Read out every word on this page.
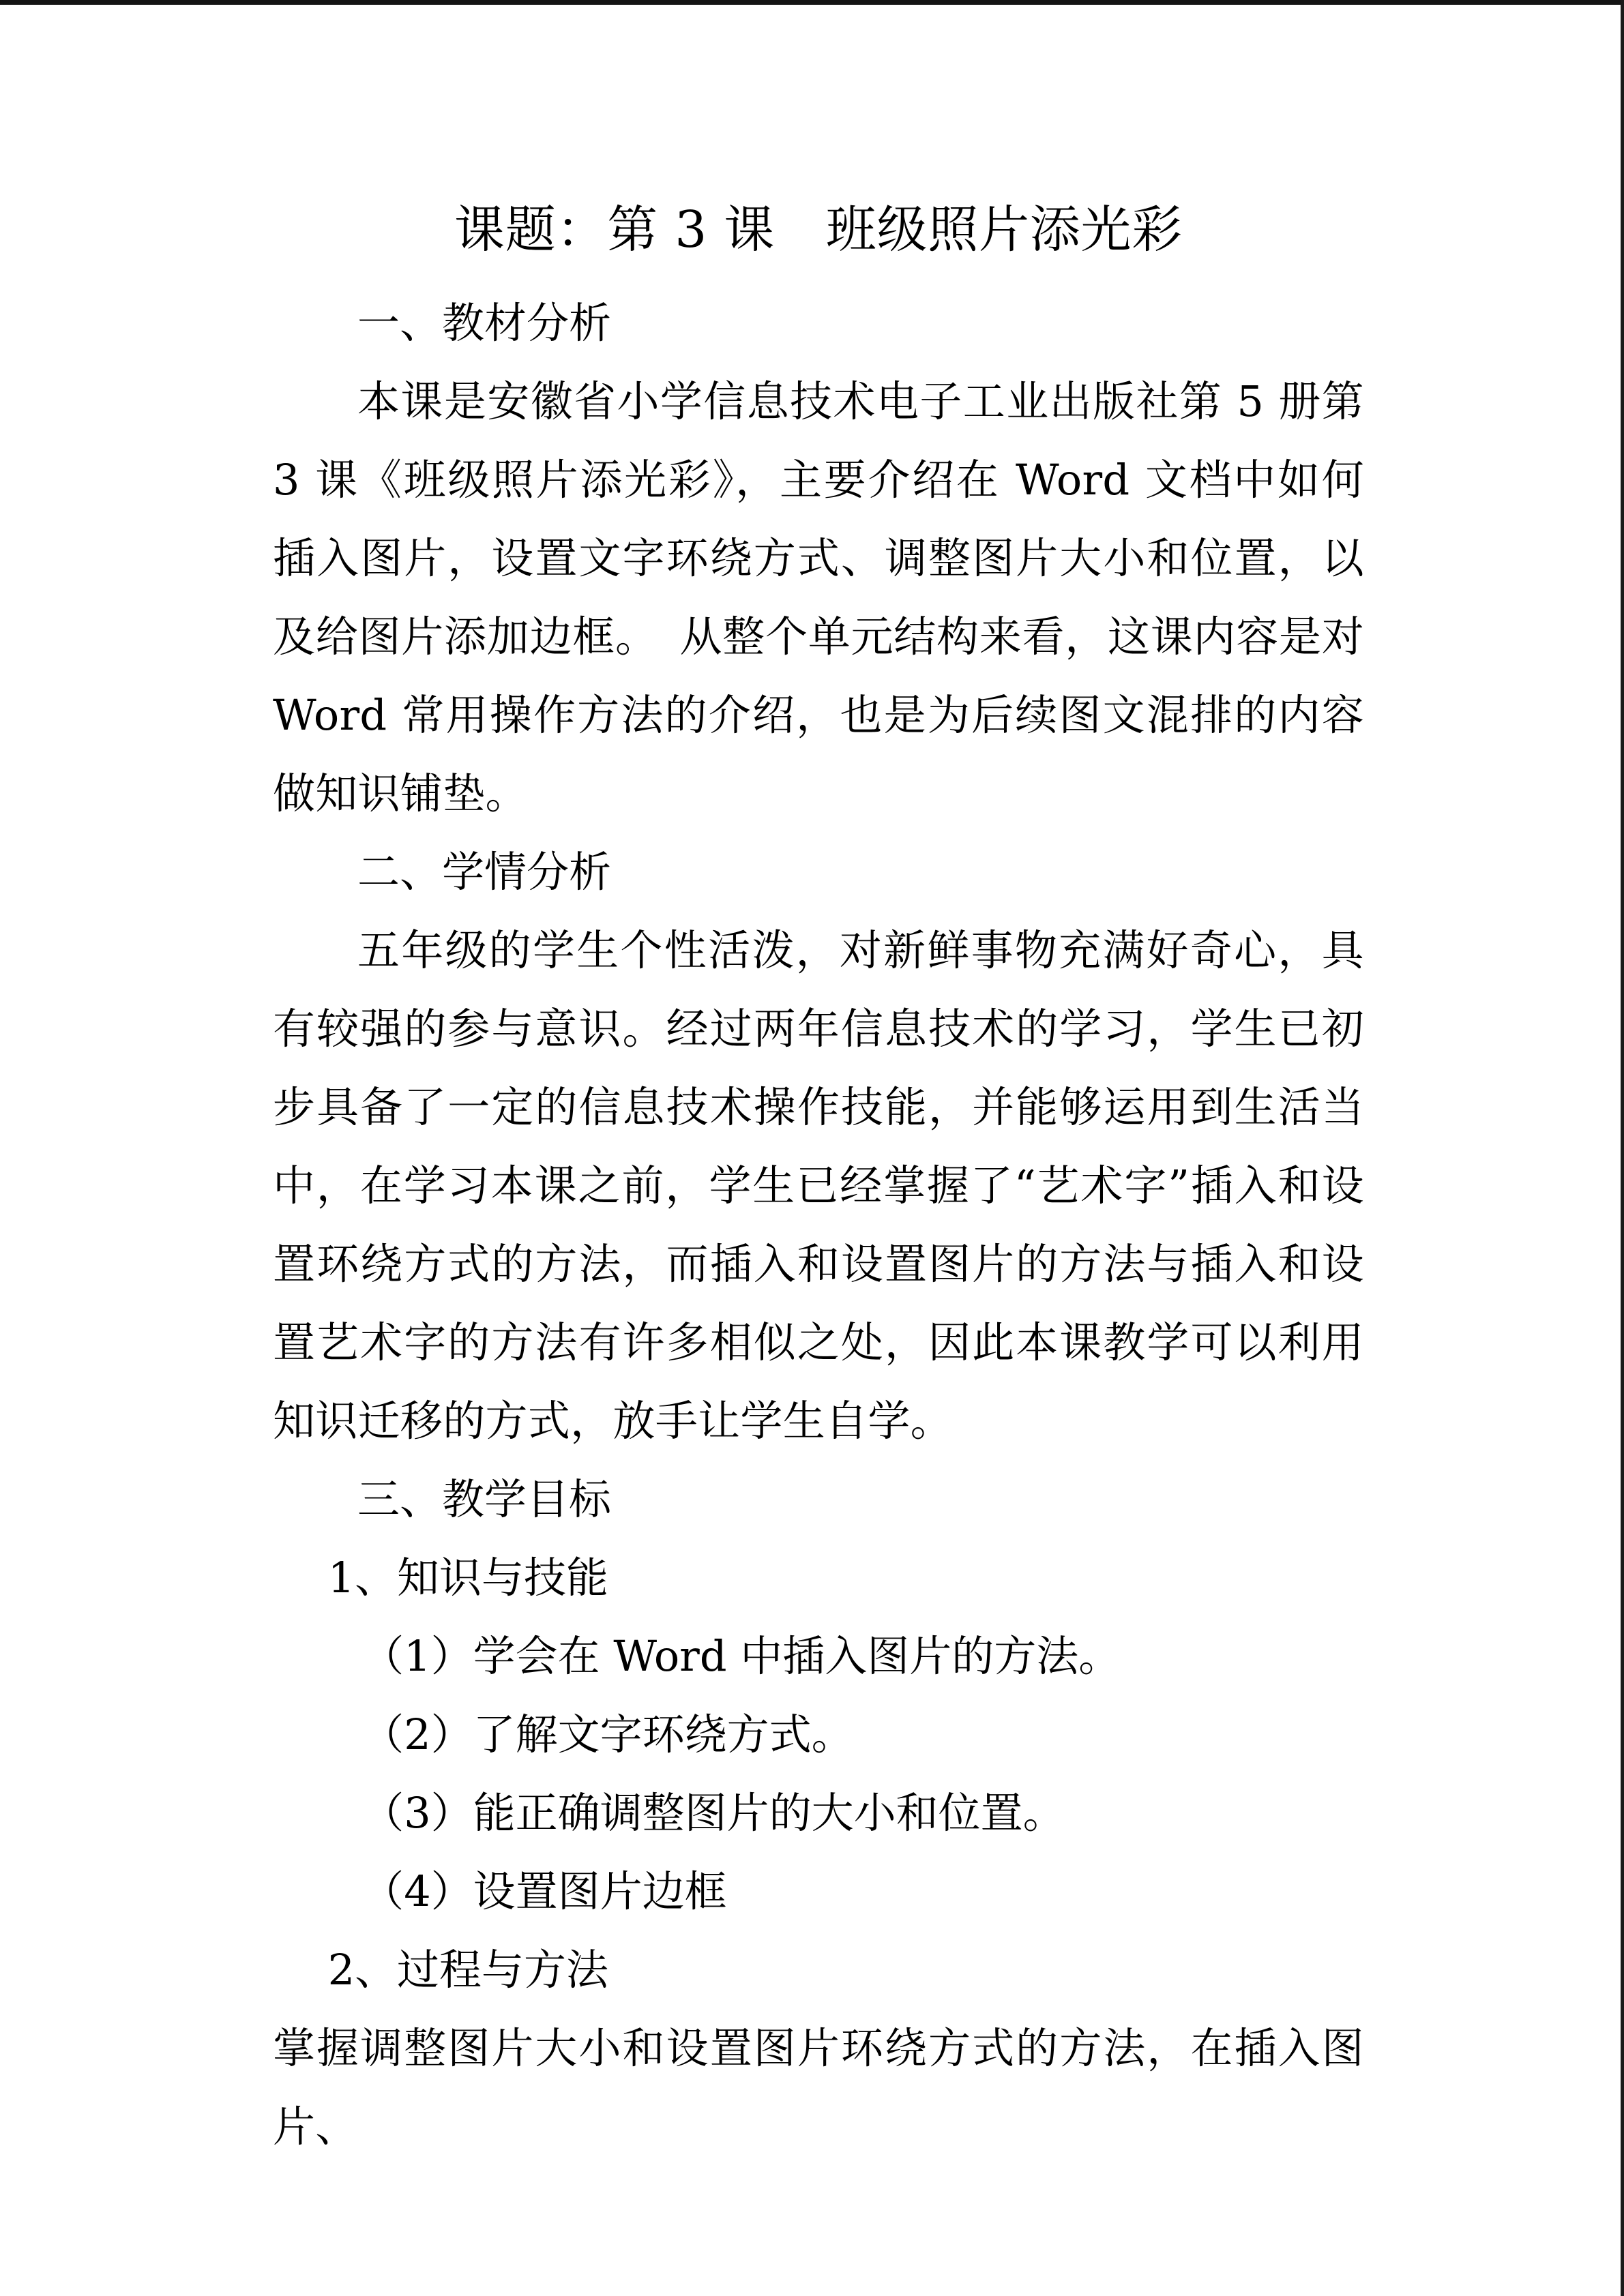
课题：第 3 课　班级照片添光彩
一、教材分析
本课是安徽省小学信息技术电子工业出版社第 5 册第 3 课《班级照片添光彩》，主要介绍在 Word 文档中如何插入图片，设置文字环绕方式、调整图片大小和位置，以及给图片添加边框。　从整个单元结构来看，这课内容是对 Word 常用操作方法的介绍，也是为后续图文混排的内容做知识铺垫。
二、学情分析
五年级的学生个性活泼，对新鲜事物充满好奇心，具有较强的参与意识。经过两年信息技术的学习，学生已初步具备了一定的信息技术操作技能，并能够运用到生活当中，在学习本课之前，学生已经掌握了“艺术字”插入和设置环绕方式的方法，而插入和设置图片的方法与插入和设置艺术字的方法有许多相似之处，因此本课教学可以利用知识迁移的方式，放手让学生自学。
三、教学目标
1、知识与技能
（1）学会在 Word 中插入图片的方法。
（2）了解文字环绕方式。
（3）能正确调整图片的大小和位置。
（4）设置图片边框
2、过程与方法
掌握调整图片大小和设置图片环绕方式的方法，在插入图片、
